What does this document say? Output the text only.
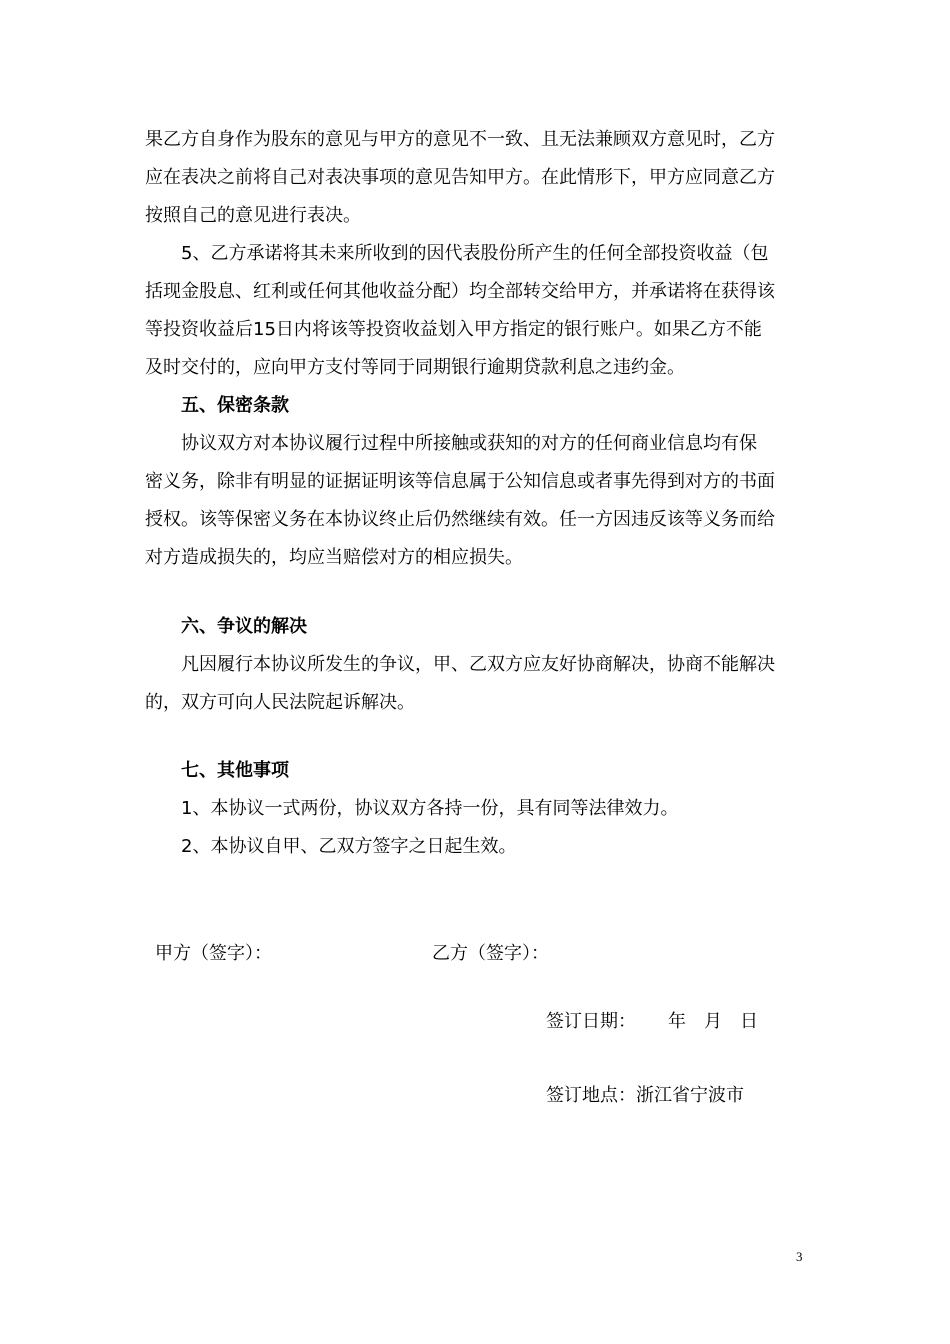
果乙方自身作为股东的意见与甲方的意见不一致、且无法兼顾双方意见时，乙方
应在表决之前将自己对表决事项的意见告知甲方。在此情形下，甲方应同意乙方
按照自己的意见进行表决。
5、乙方承诺将其未来所收到的因代表股份所产生的任何全部投资收益（包
括现金股息、红利或任何其他收益分配）均全部转交给甲方，并承诺将在获得该
等投资收益后15日内将该等投资收益划入甲方指定的银行账户。如果乙方不能
及时交付的，应向甲方支付等同于同期银行逾期贷款利息之违约金。
五、保密条款
协议双方对本协议履行过程中所接触或获知的对方的任何商业信息均有保
密义务，除非有明显的证据证明该等信息属于公知信息或者事先得到对方的书面
授权。该等保密义务在本协议终止后仍然继续有效。任一方因违反该等义务而给
对方造成损失的，均应当赔偿对方的相应损失。
六、争议的解决
凡因履行本协议所发生的争议，甲、乙双方应友好协商解决，协商不能解决
的，双方可向人民法院起诉解决。
七、其他事项
1、本协议一式两份，协议双方各持一份，具有同等法律效力。
2、本协议自甲、乙双方签字之日起生效。
甲方（签字）：	乙方（签字）：
签订日期： 年 月 日
签订地点：浙江省宁波市
3
